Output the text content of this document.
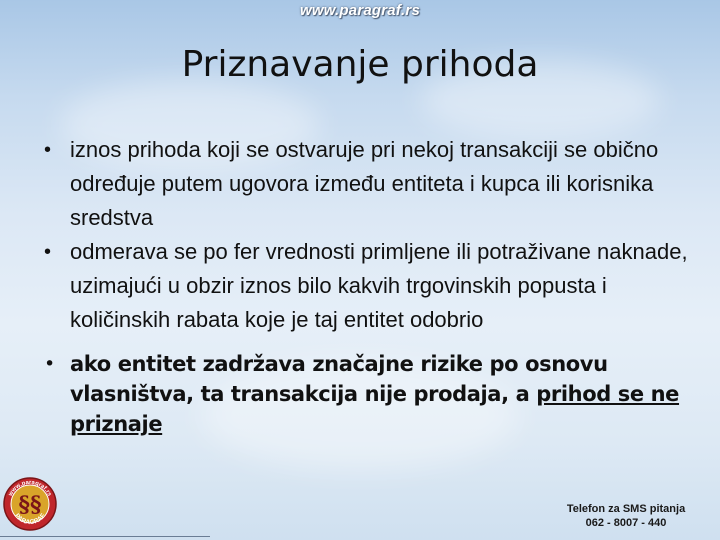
www.paragraf.rs
Priznavanje prihoda
• iznos prihoda koji se ostvaruje pri nekoj transakciji se obično određuje putem ugovora između entiteta i kupca ili korisnika sredstva
• odmerava se po fer vrednosti primljene ili potraživane naknade, uzimajući u obzir iznos bilo kakvih trgovinskih popusta i količinskih rabata koje je taj entitet odobrio
• ako entitet zadržava značajne rizike po osnovu vlasništva, ta transakcija nije prodaja, a prihod se ne priznaje
§§
www.paragraf.rs
PARAGRAF
Telefon za SMS pitanja
062 - 8007 - 440
